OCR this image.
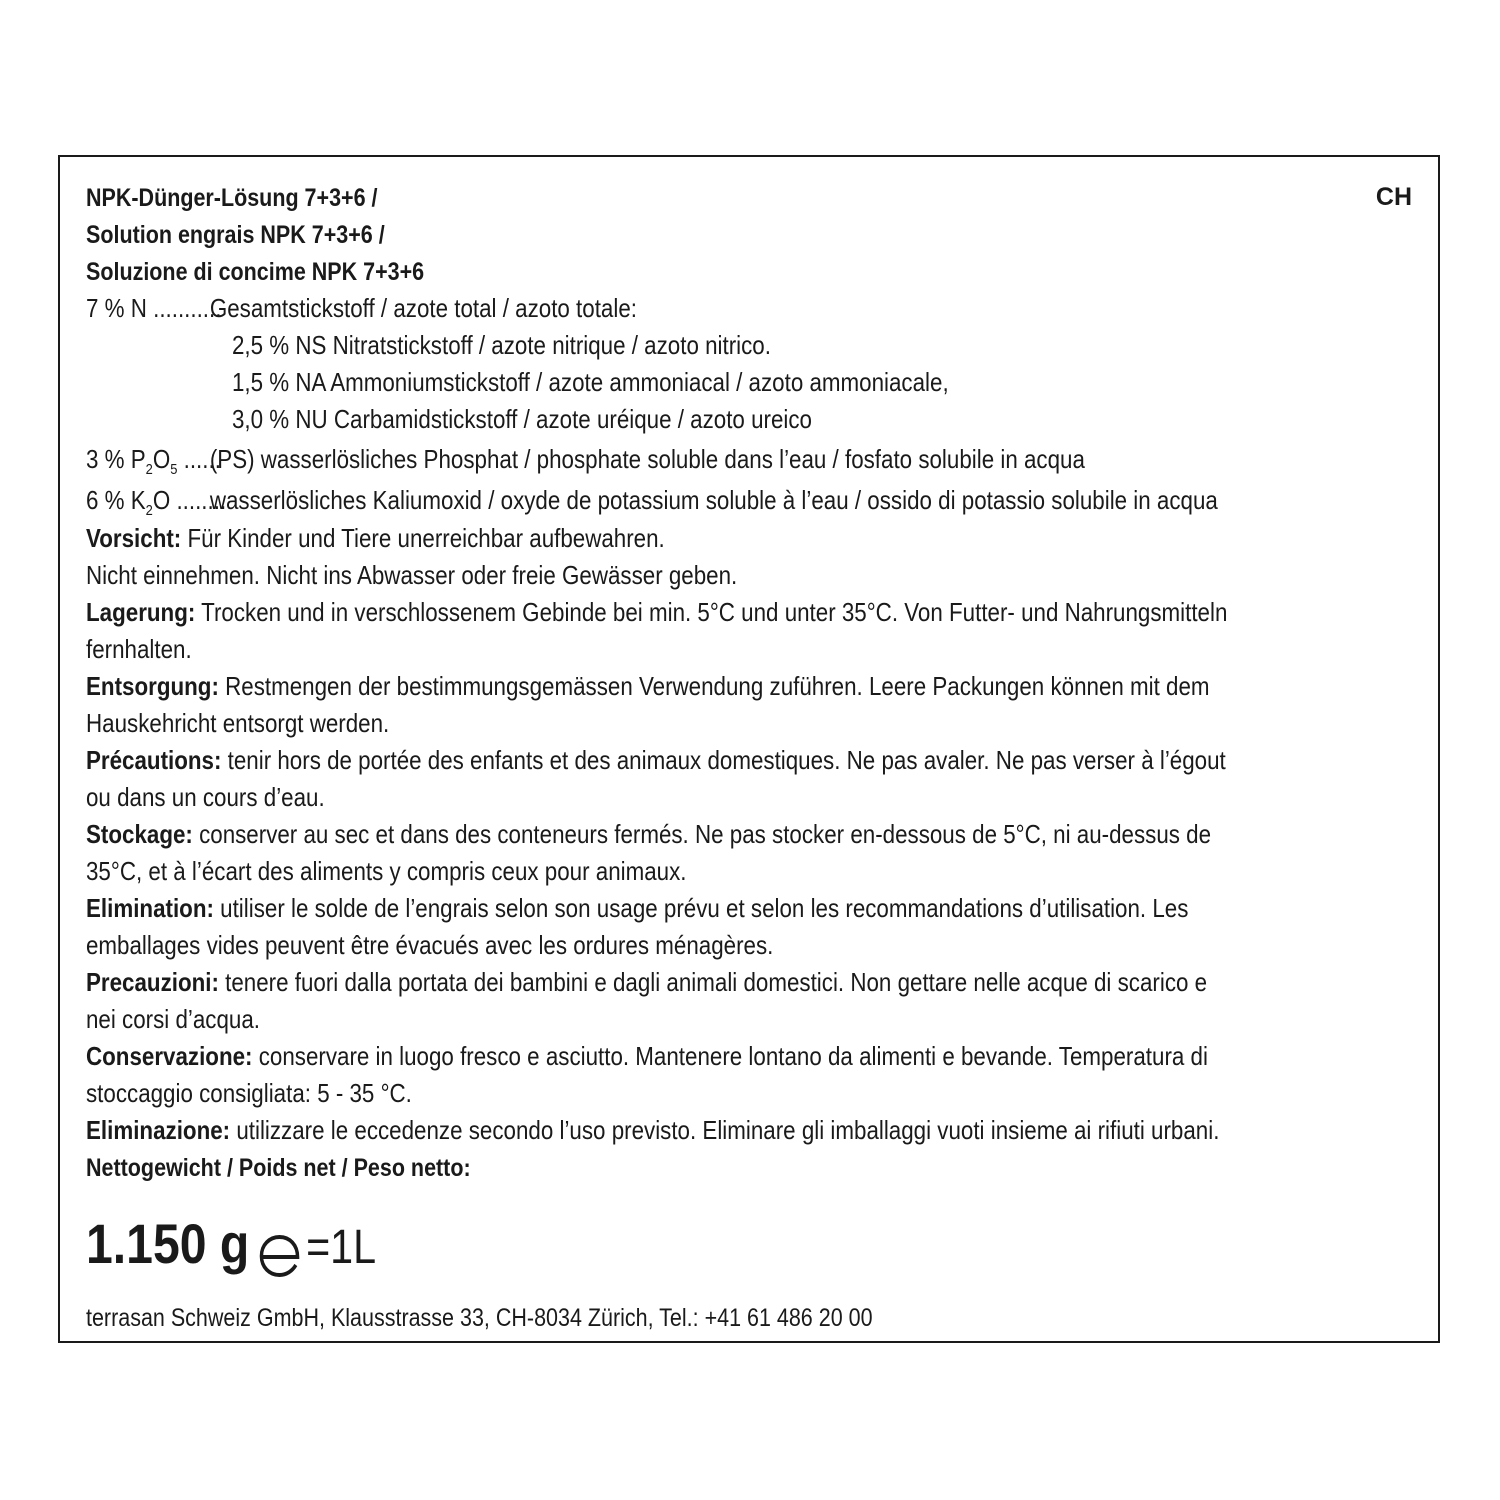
NPK-Dünger-Lösung 7+3+6 /	CH
Solution engrais NPK 7+3+6 /
Soluzione di concime NPK 7+3+6
7 % N ...........Gesamtstickstoff / azote total / azoto totale:
2,5 % NS Nitratstickstoff / azote nitrique / azoto nitrico.
1,5 % NA Ammoniumstickstoff / azote ammoniacal / azoto ammoniacale,
3,0 % NU Carbamidstickstoff / azote uréique / azoto ureico
3 % $P_2O_5$ ......(PS) wasserlösliches Phosphat / phosphate soluble dans l’eau / fosfato solubile in acqua
6 % $K_2O$ ........wasserlösliches Kaliumoxid / oxyde de potassium soluble à l’eau / ossido di potassio solubile in acqua
Vorsicht: Für Kinder und Tiere unerreichbar aufbewahren.
Nicht einnehmen. Nicht ins Abwasser oder freie Gewässer geben.
Lagerung: Trocken und in verschlossenem Gebinde bei min. 5°C und unter 35°C. Von Futter- und Nahrungsmitteln
fernhalten.
Entsorgung: Restmengen der bestimmungsgemässen Verwendung zuführen. Leere Packungen können mit dem
Hauskehricht entsorgt werden.
Précautions: tenir hors de portée des enfants et des animaux domestiques. Ne pas avaler. Ne pas verser à l’égout
ou dans un cours d’eau.
Stockage: conserver au sec et dans des conteneurs fermés. Ne pas stocker en-dessous de 5°C, ni au-dessus de
35°C, et à l’écart des aliments y compris ceux pour animaux.
Elimination: utiliser le solde de l’engrais selon son usage prévu et selon les recommandations d’utilisation. Les
emballages vides peuvent être évacués avec les ordures ménagères.
Precauzioni: tenere fuori dalla portata dei bambini e dagli animali domestici. Non gettare nelle acque di scarico e
nei corsi d’acqua.
Conservazione: conservare in luogo fresco e asciutto. Mantenere lontano da alimenti e bevande. Temperatura di
stoccaggio consigliata: 5 - 35 °C.
Eliminazione: utilizzare le eccedenze secondo l’uso previsto. Eliminare gli imballaggi vuoti insieme ai rifiuti urbani.
Nettogewicht / Poids net / Peso netto:
1.150 g =1L
terrasan Schweiz GmbH, Klausstrasse 33, CH-8034 Zürich, Tel.: +41 61 486 20 00
